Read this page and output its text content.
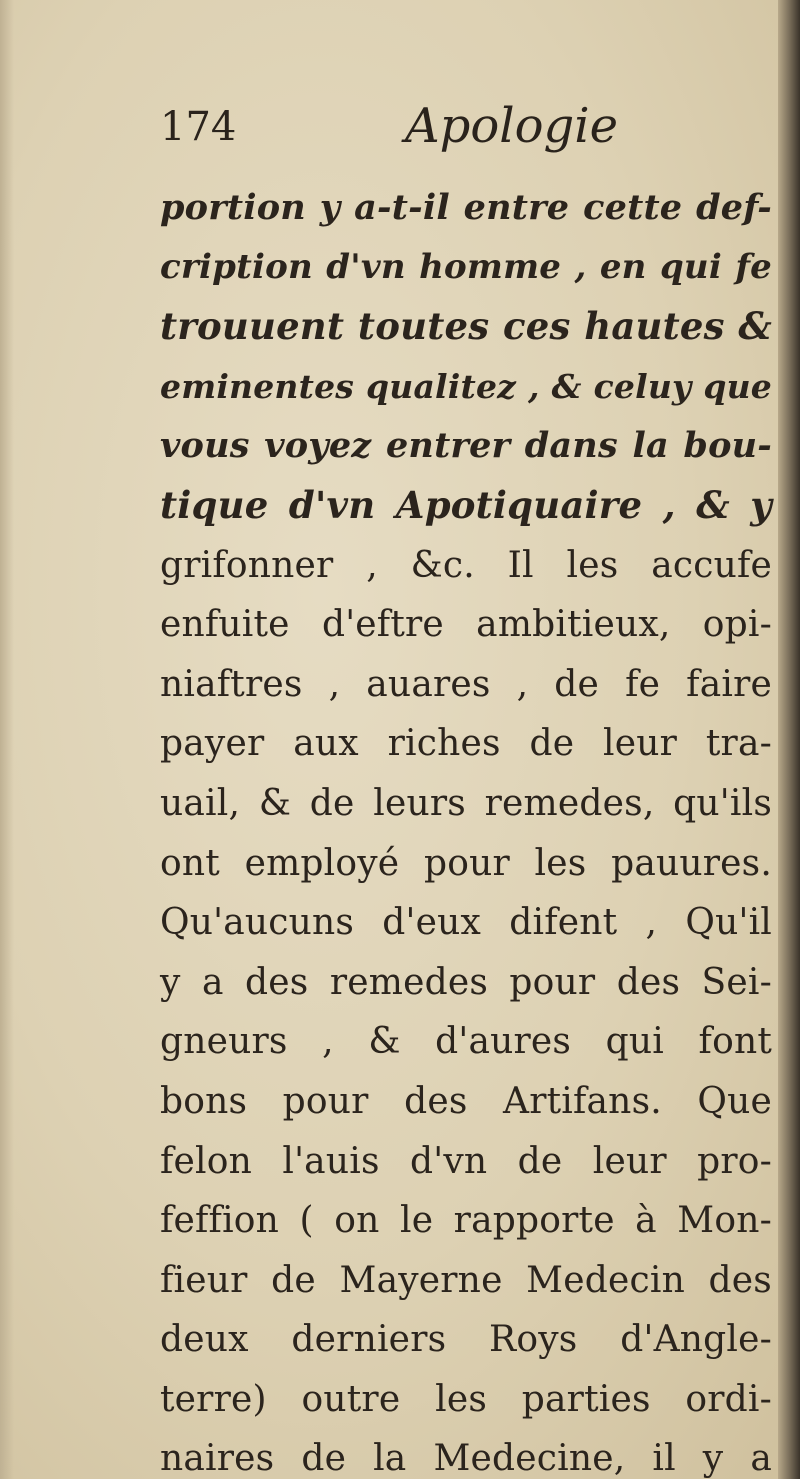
174	Apologie
portion y a-t-il entre cette def-
cription d'vn homme , en qui fe
trouuent toutes ces hautes &
eminentes qualitez , & celuy que
vous voyez entrer dans la bou-
tique d'vn Apotiquaire , & y
grifonner , &c. Il les accufe
enfuite d'eftre ambitieux, opi-
niaftres , auares , de fe faire
payer aux riches de leur tra-
uail, & de leurs remedes, qu'ils
ont employé pour les pauures.
Qu'aucuns d'eux difent , Qu'il
y a des remedes pour des Sei-
gneurs , & d'aures qui font
bons pour des Artifans. Que
felon l'auis d'vn de leur pro-
feffion ( on le rapporte à Mon-
fieur de Mayerne Medecin des
deux derniers Roys d'Angle-
terre) outre les parties ordi-
naires de la Medecine, il y a
